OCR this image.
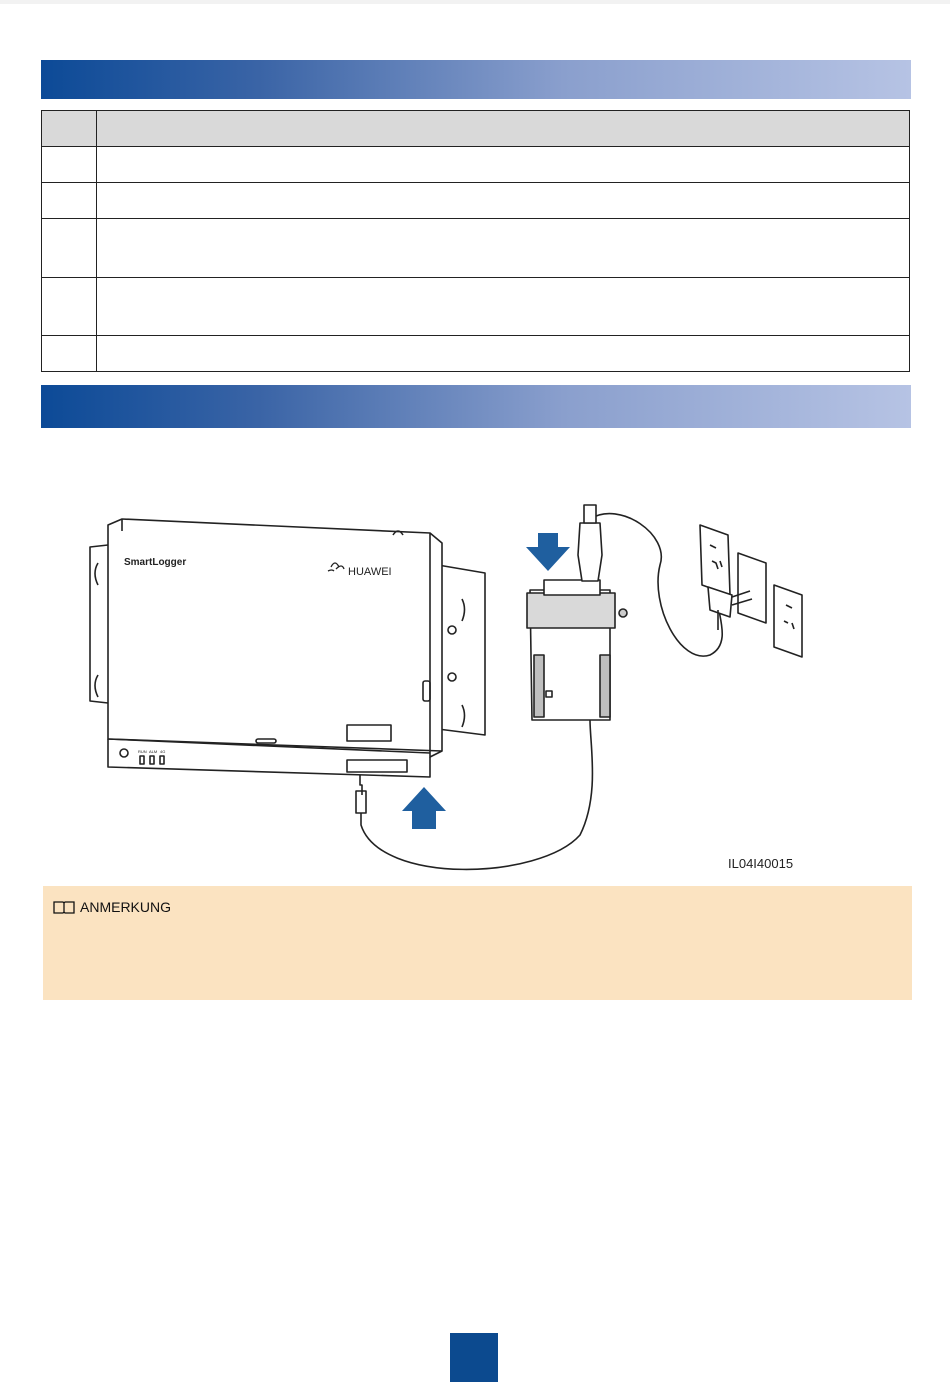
SmartLogger
HUAWEI
RUN ALM 4G
IL04I40015
ANMERKUNG
